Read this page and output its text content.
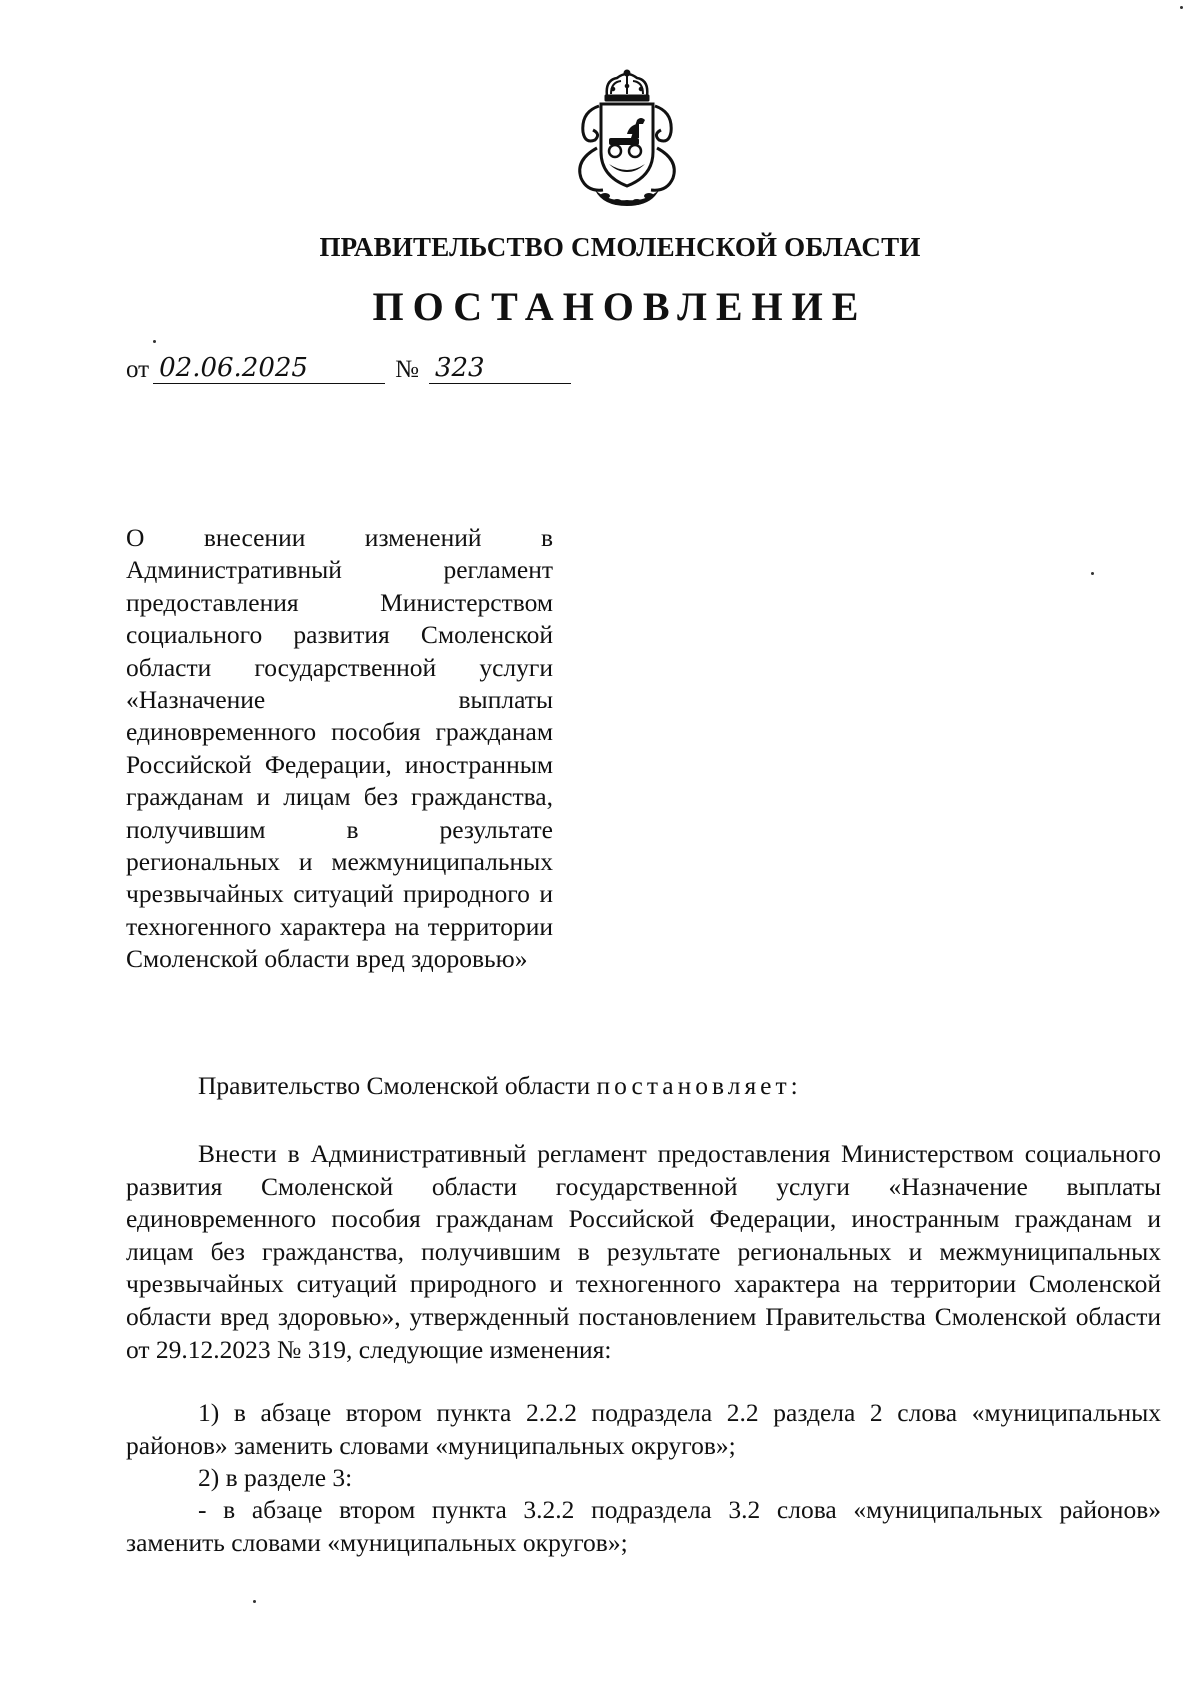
ПРАВИТЕЛЬСТВО СМОЛЕНСКОЙ ОБЛАСТИ
ПОСТАНОВЛЕНИЕ
от 02.06.2025	№ 323
О внесении изменений в Административный регламент предоставления Министерством социального развития Смоленской области государственной услуги «Назначение выплаты единовременного пособия гражданам Российской Федерации, иностранным гражданам и лицам без гражданства, получившим в результате региональных и межмуниципальных чрезвычайных ситуаций природного и техногенного характера на территории Смоленской области вред здоровью»
Правительство Смоленской области постановляет:
Внести в Административный регламент предоставления Министерством социального развития Смоленской области государственной услуги «Назначение выплаты единовременного пособия гражданам Российской Федерации, иностранным гражданам и лицам без гражданства, получившим в результате региональных и межмуниципальных чрезвычайных ситуаций природного и техногенного характера на территории Смоленской области вред здоровью», утвержденный постановлением Правительства Смоленской области от 29.12.2023 № 319, следующие изменения:
1) в абзаце втором пункта 2.2.2 подраздела 2.2 раздела 2 слова «муниципальных районов» заменить словами «муниципальных округов»;
2) в разделе 3:
- в абзаце втором пункта 3.2.2 подраздела 3.2 слова «муниципальных районов» заменить словами «муниципальных округов»;
